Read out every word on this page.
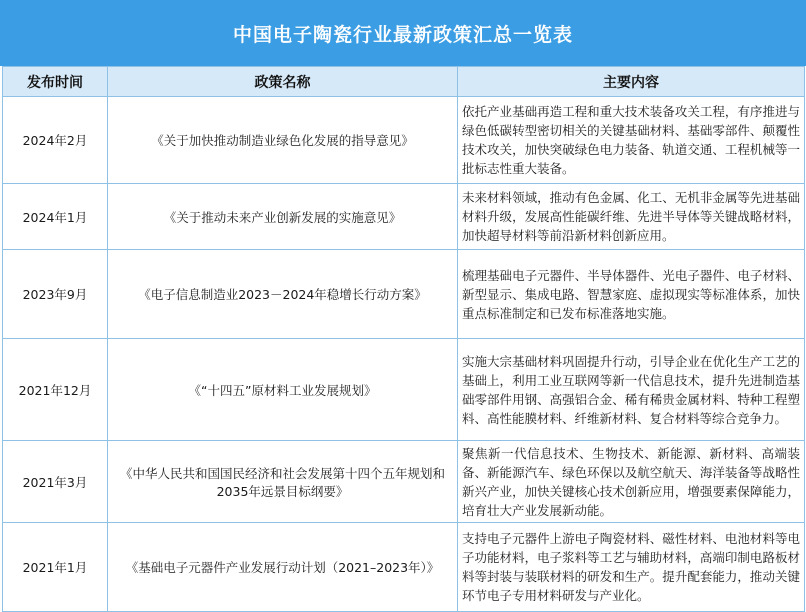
中国电子陶瓷行业最新政策汇总一览表
发布时间	政策名称	主要内容
2024年2月	《关于加快推动制造业绿色化发展的指导意见》	依托产业基础再造工程和重大技术装备攻关工程，有序推进与绿色低碳转型密切相关的关键基础材料、基础零部件、颠覆性技术攻关，加快突破绿色电力装备、轨道交通、工程机械等一批标志性重大装备。
2024年1月	《关于推动未来产业创新发展的实施意见》	未来材料领域，推动有色金属、化工、无机非金属等先进基础材料升级，发展高性能碳纤维、先进半导体等关键战略材料，加快超导材料等前沿新材料创新应用。
2023年9月	《电子信息制造业2023－2024年稳增长行动方案》	梳理基础电子元器件、半导体器件、光电子器件、电子材料、新型显示、集成电路、智慧家庭、虚拟现实等标准体系，加快重点标准制定和已发布标准落地实施。
2021年12月	《“十四五”原材料工业发展规划》	实施大宗基础材料巩固提升行动，引导企业在优化生产工艺的基础上，利用工业互联网等新一代信息技术，提升先进制造基础零部件用钢、高强铝合金、稀有稀贵金属材料、特种工程塑料、高性能膜材料、纤维新材料、复合材料等综合竞争力。
2021年3月	《中华人民共和国国民经济和社会发展第十四个五年规划和2035年远景目标纲要》	聚焦新一代信息技术、生物技术、新能源、新材料、高端装备、新能源汽车、绿色环保以及航空航天、海洋装备等战略性新兴产业，加快关键核心技术创新应用，增强要素保障能力，培育壮大产业发展新动能。
2021年1月	《基础电子元器件产业发展行动计划（2021–2023年）》	支持电子元器件上游电子陶瓷材料、磁性材料、电池材料等电子功能材料，电子浆料等工艺与辅助材料，高端印制电路板材料等封装与装联材料的研发和生产。提升配套能力，推动关键环节电子专用材料研发与产业化。
